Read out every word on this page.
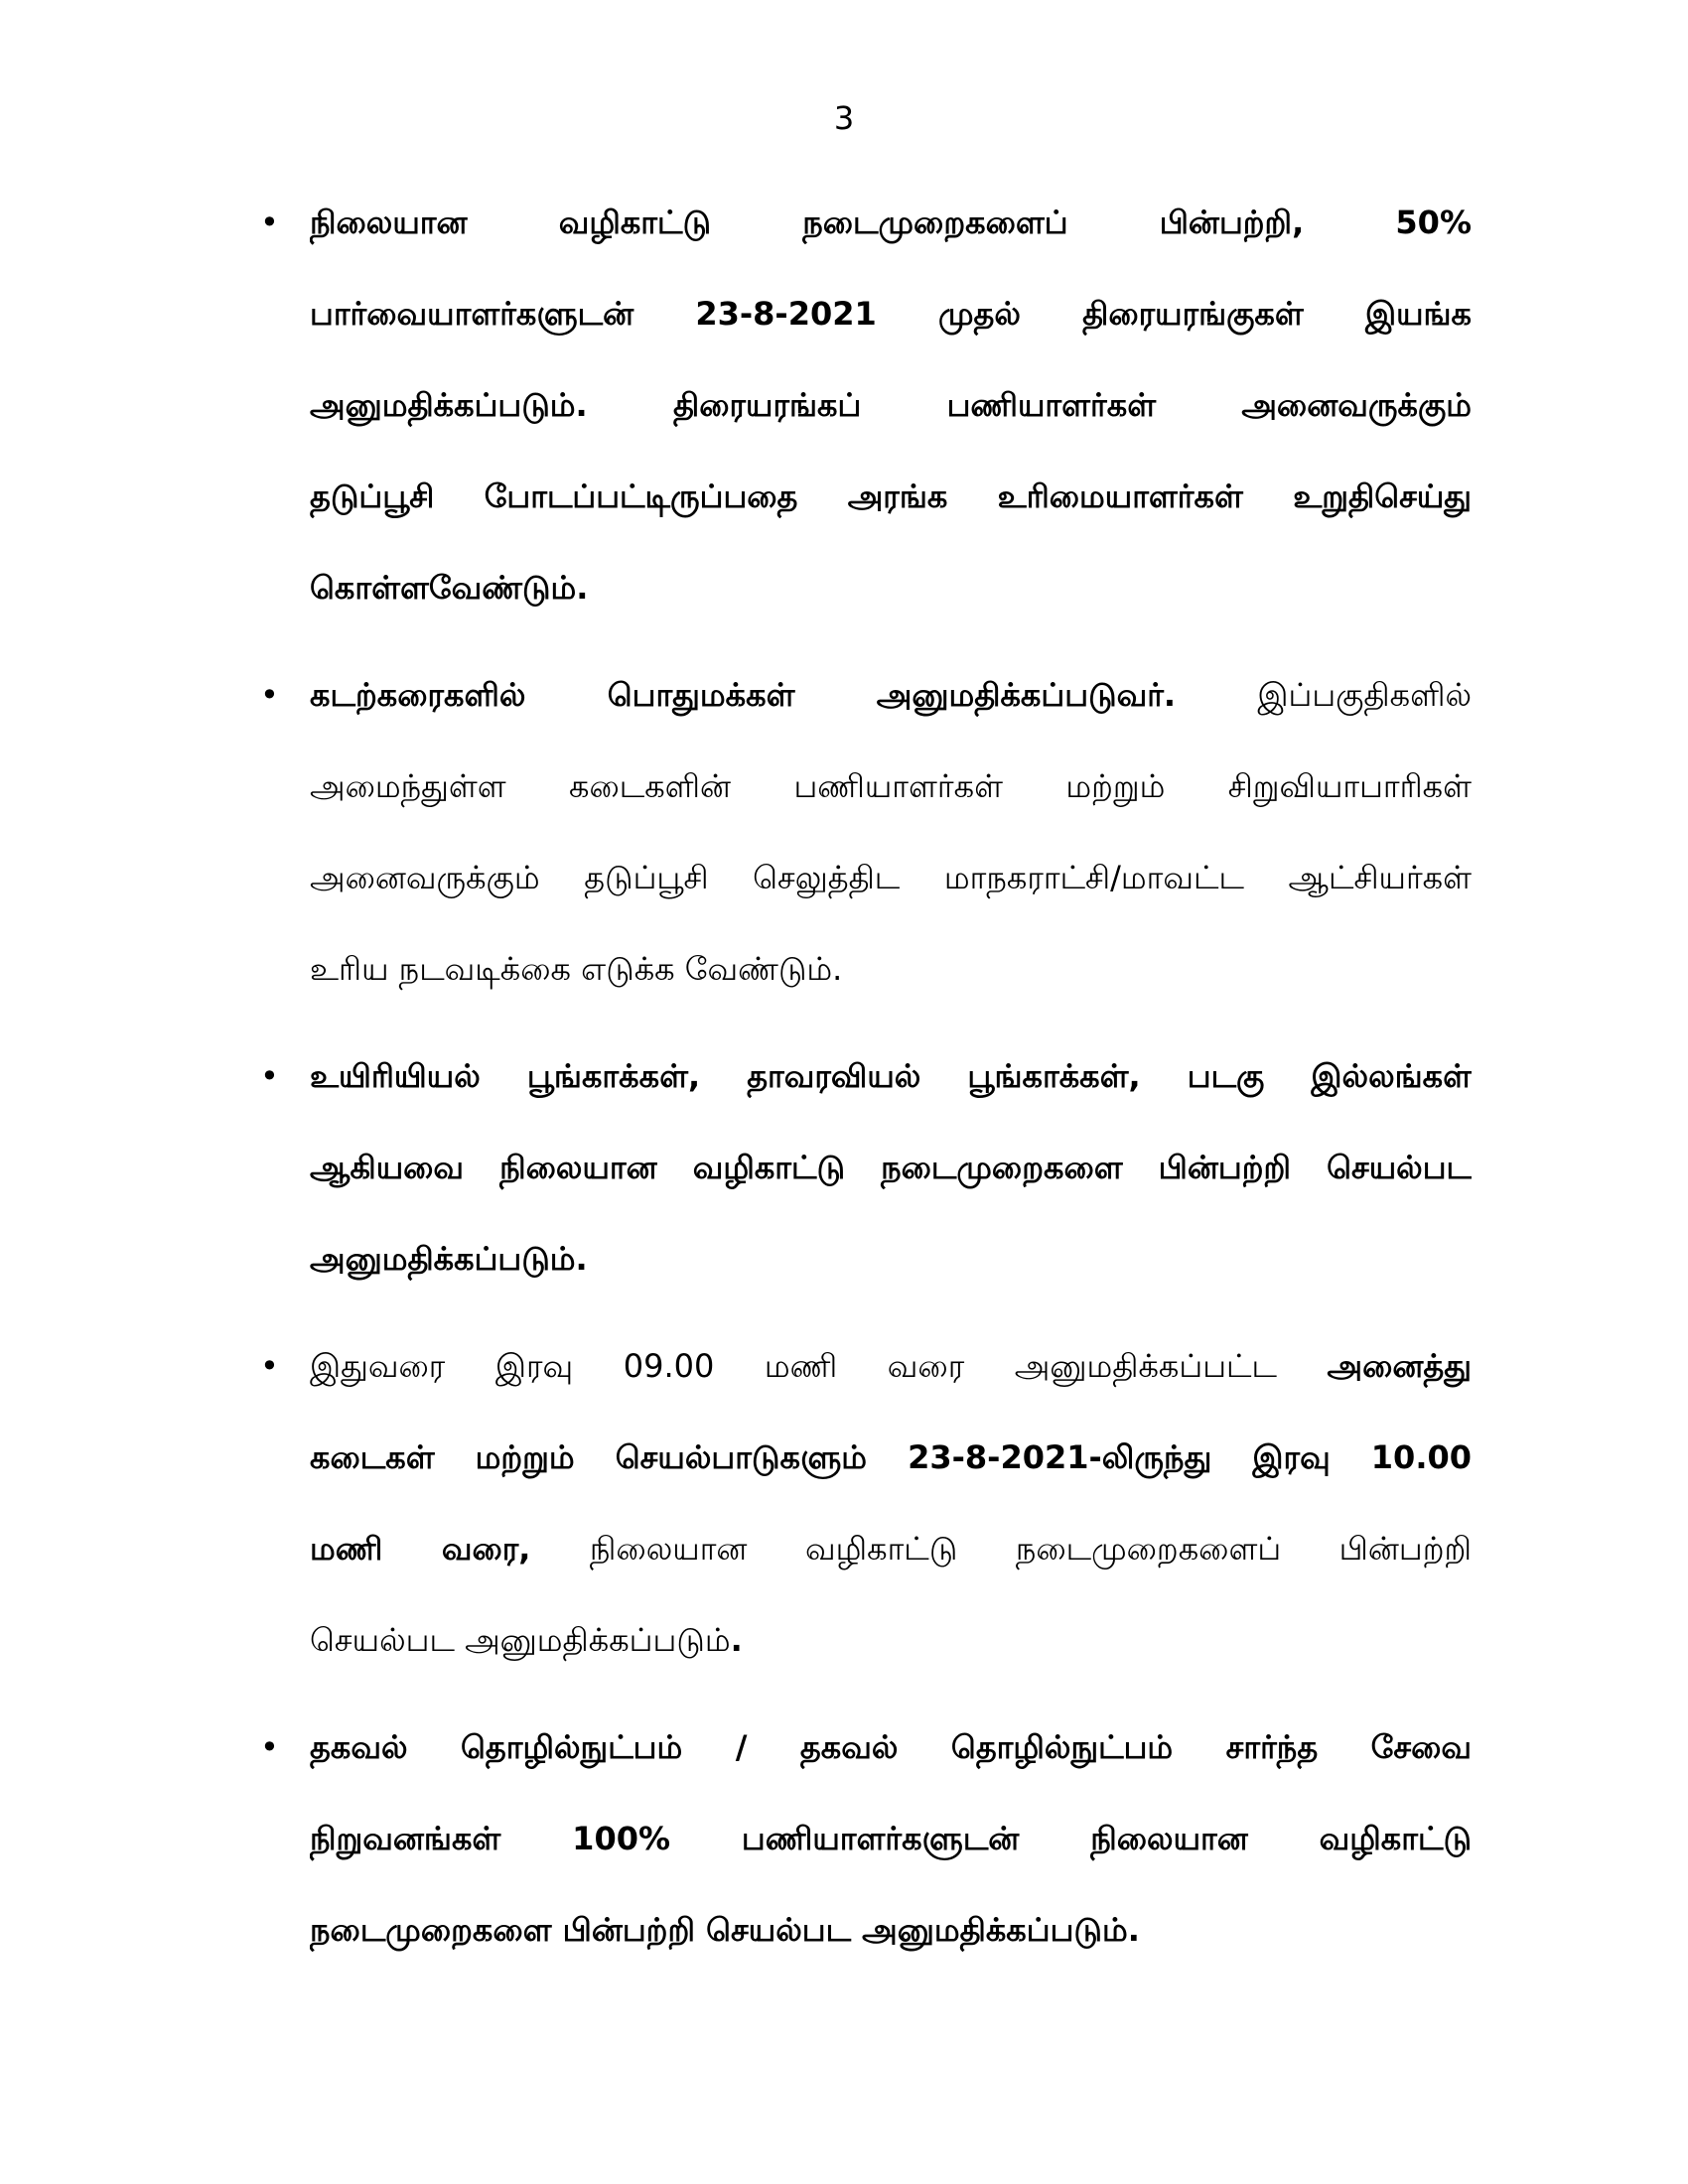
3
• நிலையான வழிகாட்டு நடைமுறைகளைப் பின்பற்றி, 50%
பார்வையாளர்களுடன் 23-8-2021 முதல் திரையரங்குகள் இயங்க
அனுமதிக்கப்படும். திரையரங்கப் பணியாளர்கள் அனைவருக்கும்
தடுப்பூசி போடப்பட்டிருப்பதை அரங்க உரிமையாளர்கள் உறுதிசெய்து
கொள்ளவேண்டும்.
• கடற்கரைகளில் பொதுமக்கள் அனுமதிக்கப்படுவர். இப்பகுதிகளில்
அமைந்துள்ள கடைகளின் பணியாளர்கள் மற்றும் சிறுவியாபாரிகள்
அனைவருக்கும் தடுப்பூசி செலுத்திட மாநகராட்சி/மாவட்ட ஆட்சியர்கள்
உரிய நடவடிக்கை எடுக்க வேண்டும்.
• உயிரியியல் பூங்காக்கள், தாவரவியல் பூங்காக்கள், படகு இல்லங்கள்
ஆகியவை நிலையான வழிகாட்டு நடைமுறைகளை பின்பற்றி செயல்பட
அனுமதிக்கப்படும்.
• இதுவரை இரவு 09.00 மணி வரை அனுமதிக்கப்பட்ட அனைத்து
கடைகள் மற்றும் செயல்பாடுகளும் 23-8-2021-லிருந்து இரவு 10.00
மணி வரை, நிலையான வழிகாட்டு நடைமுறைகளைப் பின்பற்றி
செயல்பட அனுமதிக்கப்படும்.
• தகவல் தொழில்நுட்பம் / தகவல் தொழில்நுட்பம் சார்ந்த சேவை
நிறுவனங்கள் 100% பணியாளர்களுடன் நிலையான வழிகாட்டு
நடைமுறைகளை பின்பற்றி செயல்பட அனுமதிக்கப்படும்.
